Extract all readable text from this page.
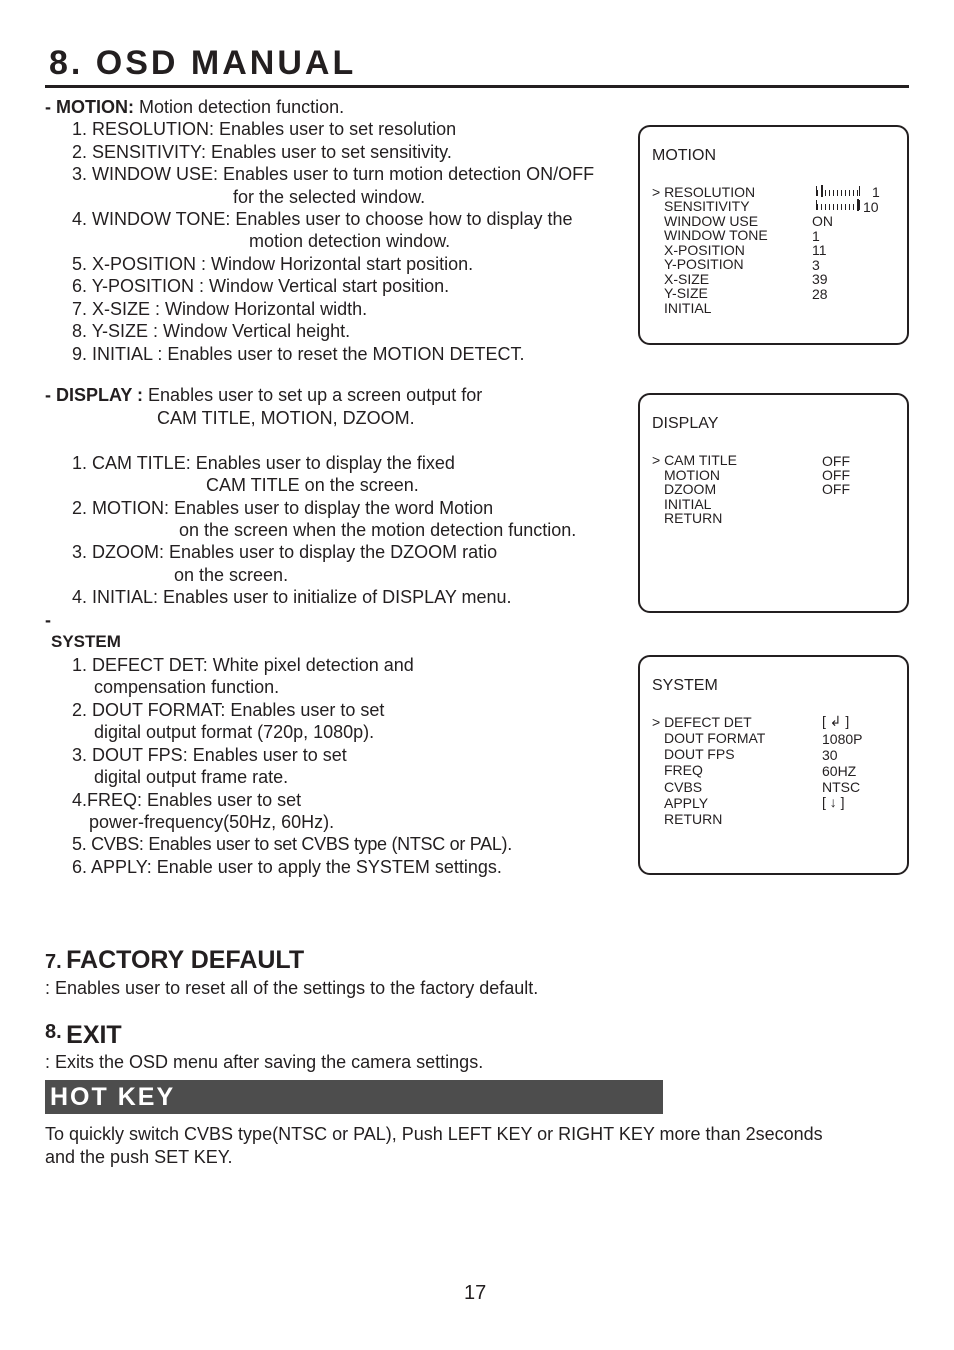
8. OSD MANUAL
- MOTION: Motion detection function.
1. RESOLUTION: Enables user to set resolution
2. SENSITIVITY: Enables user to set sensitivity.
3. WINDOW USE: Enables user to turn motion detection ON/OFF
for the selected window.
4. WINDOW TONE: Enables user to choose how to display the
motion detection window.
5. X-POSITION : Window Horizontal start position.
6. Y-POSITION : Window Vertical start position.
7. X-SIZE : Window Horizontal width.
8. Y-SIZE : Window Vertical height.
9. INITIAL : Enables user to reset the MOTION DETECT.
- DISPLAY : Enables user to set up a screen output for
CAM TITLE, MOTION, DZOOM.
1. CAM TITLE: Enables user to display the fixed
CAM TITLE on the screen.
2. MOTION: Enables user to display the word Motion
on the screen when the motion detection function.
3. DZOOM: Enables user to display the DZOOM ratio
on the screen.
4. INITIAL: Enables user to initialize of DISPLAY menu.
-
SYSTEM
1. DEFECT DET: White pixel detection and
compensation function.
2. DOUT FORMAT: Enables user to set
digital output format (720p, 1080p).
3. DOUT FPS: Enables user to set
digital output frame rate.
4.FREQ: Enables user to set
power-frequency(50Hz, 60Hz).
5. CVBS: Enables user to set CVBS type (NTSC or PAL).
6. APPLY: Enable user to apply the SYSTEM settings.
MOTION
> RESOLUTION
SENSITIVITY
WINDOW USE
WINDOW TONE
X-POSITION
Y-POSITION
X-SIZE
Y-SIZE
INITIAL
1
10
ON
1
11
3
39
28
DISPLAY
> CAM TITLE
MOTION
DZOOM
INITIAL
RETURN
OFF
OFF
OFF
SYSTEM
> DEFECT DET
DOUT FORMAT
DOUT FPS
FREQ
CVBS
APPLY
RETURN
[ ↲ ]
1080P
30
60HZ
NTSC
[ ↓ ]
7. FACTORY DEFAULT
: Enables user to reset all of the settings to the factory default.
8. EXIT
: Exits the OSD menu after saving the camera settings.
HOT KEY
To quickly switch CVBS type(NTSC or PAL), Push LEFT KEY or RIGHT KEY more than 2seconds
and the push SET KEY.
17
